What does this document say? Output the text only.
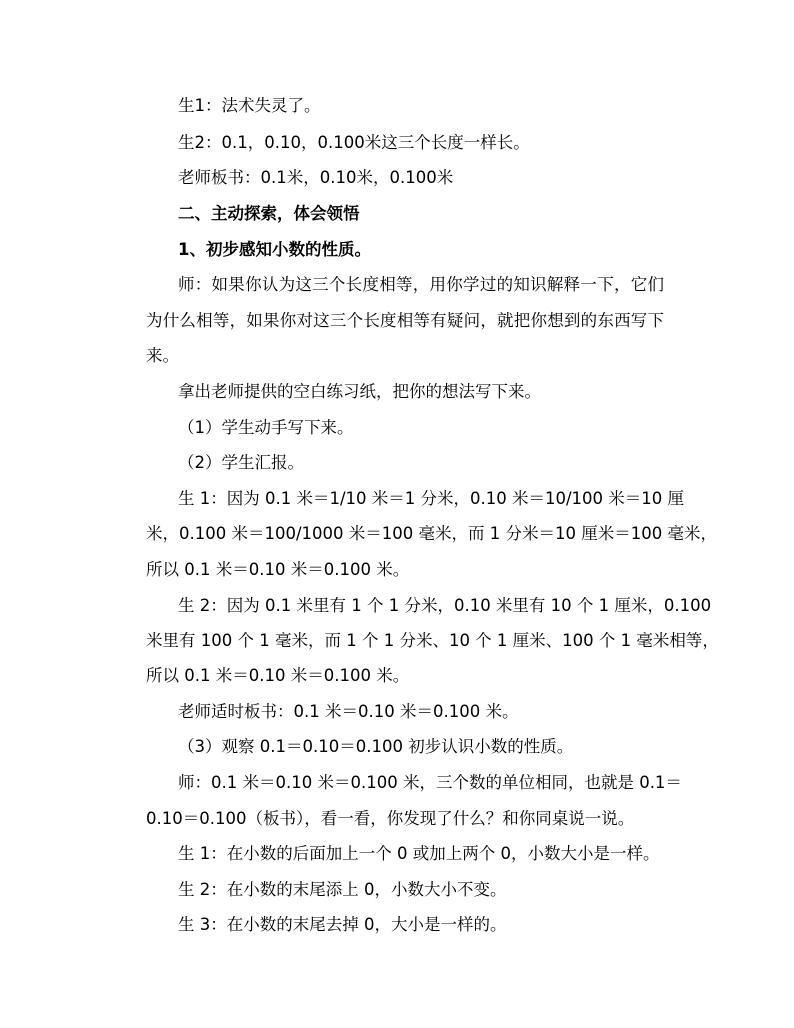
生1：法术失灵了。
生2：0.1，0.10，0.100米这三个长度一样长。
老师板书：0.1米，0.10米，0.100米
二、主动探索，体会领悟
1、初步感知小数的性质。
师：如果你认为这三个长度相等，用你学过的知识解释一下，它们
为什么相等，如果你对这三个长度相等有疑问，就把你想到的东西写下
来。
拿出老师提供的空白练习纸，把你的想法写下来。
（1）学生动手写下来。
（2）学生汇报。
生 1：因为 0.1 米＝1/10 米＝1 分米，0.10 米＝10/100 米＝10 厘
米，0.100 米＝100/1000 米＝100 毫米，而 1 分米＝10 厘米＝100 毫米，
所以 0.1 米＝0.10 米＝0.100 米。
生 2：因为 0.1 米里有 1 个 1 分米，0.10 米里有 10 个 1 厘米，0.100
米里有 100 个 1 毫米，而 1 个 1 分米、10 个 1 厘米、100 个 1 毫米相等，
所以 0.1 米＝0.10 米＝0.100 米。
老师适时板书：0.1 米＝0.10 米＝0.100 米。
（3）观察 0.1＝0.10＝0.100 初步认识小数的性质。
师：0.1 米＝0.10 米＝0.100 米，三个数的单位相同，也就是 0.1＝
0.10＝0.100（板书），看一看，你发现了什么？和你同桌说一说。
生 1：在小数的后面加上一个 0 或加上两个 0，小数大小是一样。
生 2：在小数的末尾添上 0，小数大小不变。
生 3：在小数的末尾去掉 0，大小是一样的。
